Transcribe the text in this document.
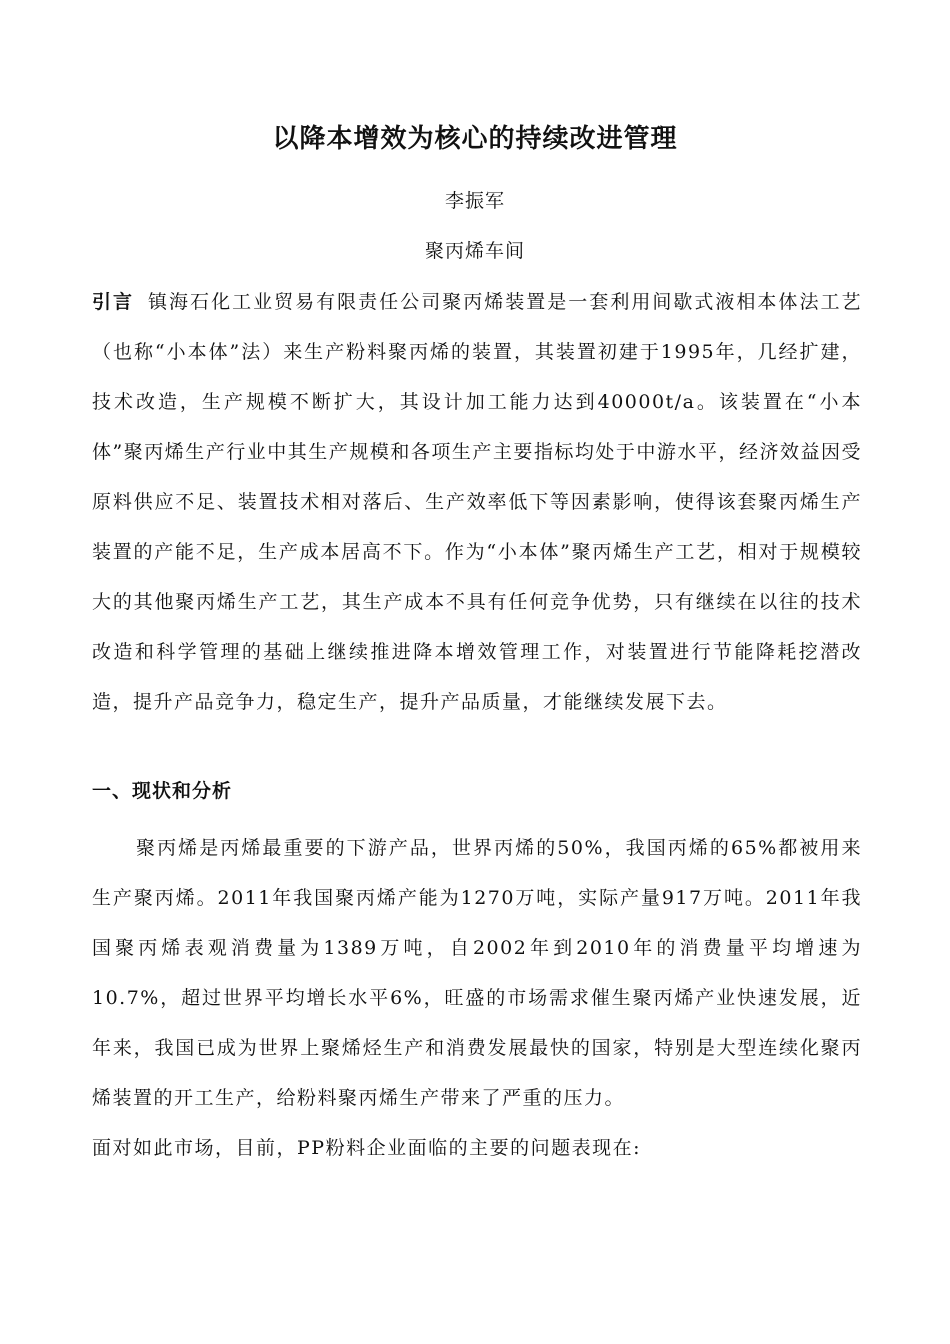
以降本增效为核心的持续改进管理
李振军
聚丙烯车间
引言 镇海石化工业贸易有限责任公司聚丙烯装置是一套利用间歇式液相本体法工艺（也称“小本体”法）来生产粉料聚丙烯的装置，其装置初建于1995年，几经扩建，技术改造，生产规模不断扩大，其设计加工能力达到40000t/a。该装置在“小本体”聚丙烯生产行业中其生产规模和各项生产主要指标均处于中游水平，经济效益因受原料供应不足、装置技术相对落后、生产效率低下等因素影响，使得该套聚丙烯生产装置的产能不足，生产成本居高不下。作为“小本体”聚丙烯生产工艺，相对于规模较大的其他聚丙烯生产工艺，其生产成本不具有任何竞争优势，只有继续在以往的技术改造和科学管理的基础上继续推进降本增效管理工作，对装置进行节能降耗挖潜改造，提升产品竞争力，稳定生产，提升产品质量，才能继续发展下去。
一、现状和分析
聚丙烯是丙烯最重要的下游产品，世界丙烯的50%，我国丙烯的65%都被用来生产聚丙烯。2011年我国聚丙烯产能为1270万吨，实际产量917万吨。2011年我国聚丙烯表观消费量为1389万吨，自2002年到2010年的消费量平均增速为10.7%，超过世界平均增长水平6%，旺盛的市场需求催生聚丙烯产业快速发展，近年来，我国已成为世界上聚烯烃生产和消费发展最快的国家，特别是大型连续化聚丙烯装置的开工生产，给粉料聚丙烯生产带来了严重的压力。
面对如此市场，目前，PP粉料企业面临的主要的问题表现在:
